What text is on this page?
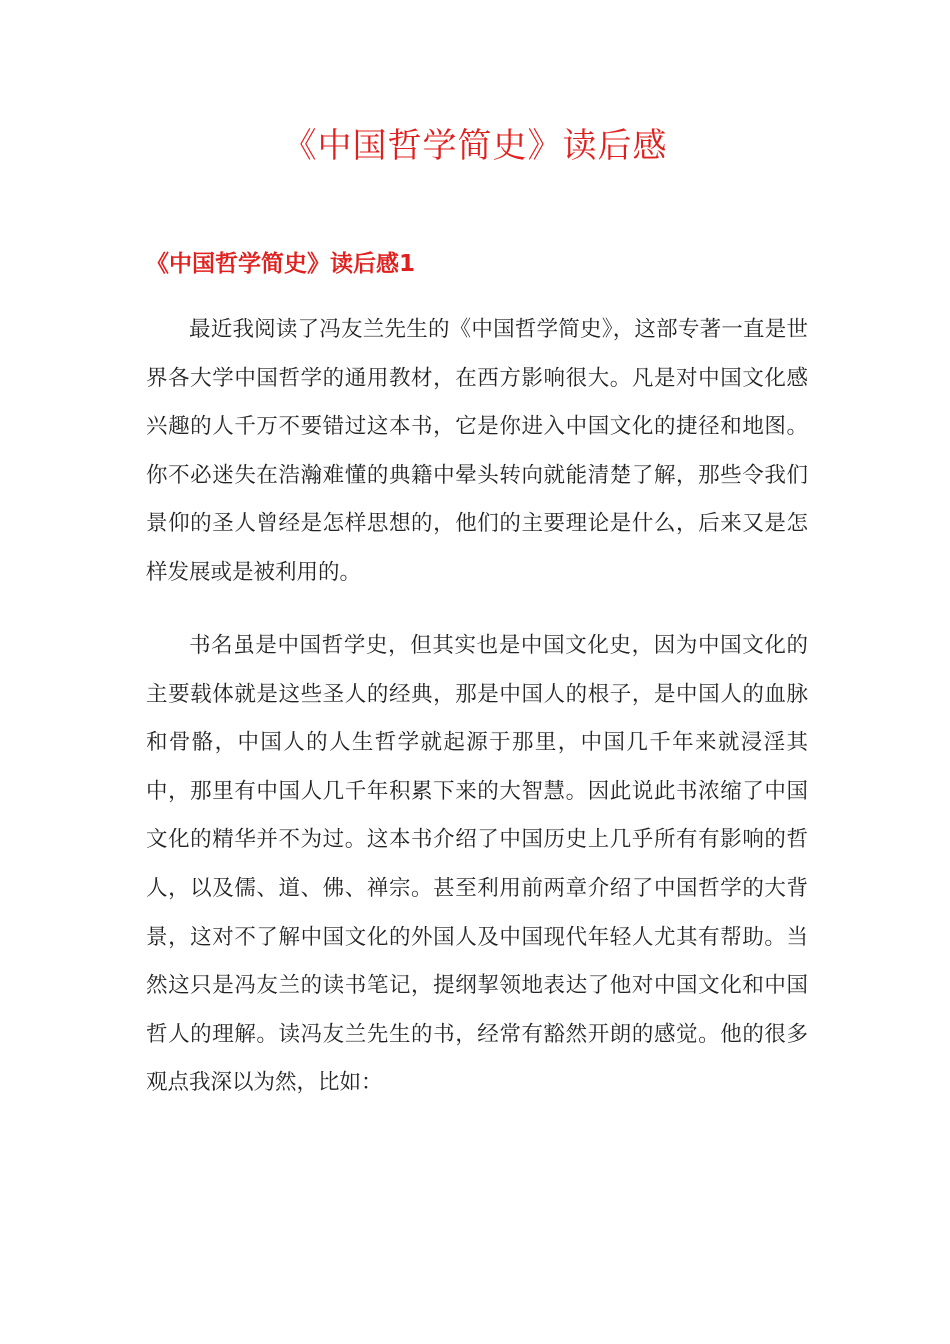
《中国哲学简史》读后感
《中国哲学简史》读后感1

最近我阅读了冯友兰先生的《中国哲学简史》，这部专著一直是世界各大学中国哲学的通用教材，在西方影响很大。凡是对中国文化感兴趣的人千万不要错过这本书，它是你进入中国文化的捷径和地图。你不必迷失在浩瀚难懂的典籍中晕头转向就能清楚了解，那些令我们景仰的圣人曾经是怎样思想的，他们的主要理论是什么，后来又是怎样发展或是被利用的。

书名虽是中国哲学史，但其实也是中国文化史，因为中国文化的主要载体就是这些圣人的经典，那是中国人的根子，是中国人的血脉和骨骼，中国人的人生哲学就起源于那里，中国几千年来就浸淫其中，那里有中国人几千年积累下来的大智慧。因此说此书浓缩了中国文化的精华并不为过。这本书介绍了中国历史上几乎所有有影响的哲人，以及儒、道、佛、禅宗。甚至利用前两章介绍了中国哲学的大背景，这对不了解中国文化的外国人及中国现代年轻人尤其有帮助。当然这只是冯友兰的读书笔记，提纲挈领地表达了他对中国文化和中国哲人的理解。读冯友兰先生的书，经常有豁然开朗的感觉。他的很多观点我深以为然，比如：
